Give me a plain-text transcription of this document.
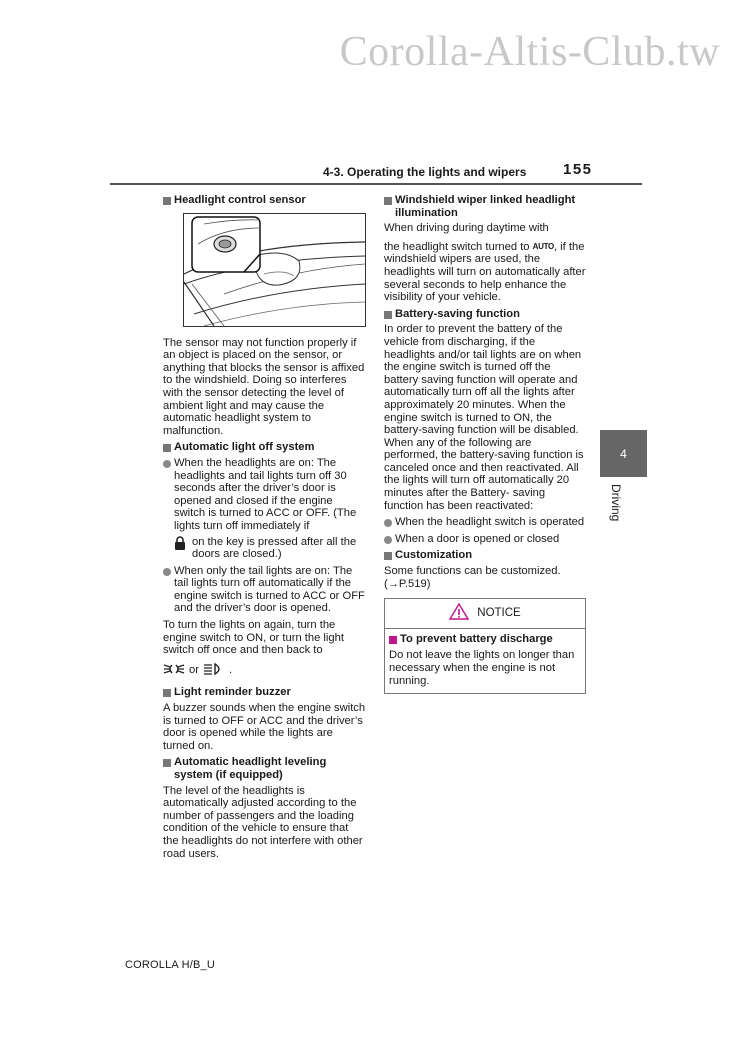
Corolla-Altis-Club.tw
4-3. Operating the lights and wipers 155
Headlight control sensor
The sensor may not function properly if an object is placed on the sensor, or anything that blocks the sensor is affixed to the windshield. Doing so interferes with the sensor detecting the level of ambient light and may cause the automatic headlight system to malfunction.
Automatic light off system
When the headlights are on: The headlights and tail lights turn off 30 seconds after the driver’s door is opened and closed if the engine switch is turned to ACC or OFF. (The lights turn off immediately if
on the key is pressed after all the doors are closed.)
When only the tail lights are on: The tail lights turn off automatically if the engine switch is turned to ACC or OFF and the driver’s door is opened.
To turn the lights on again, turn the engine switch to ON, or turn the light switch off once and then back to
or	.
Light reminder buzzer
A buzzer sounds when the engine switch is turned to OFF or ACC and the driver’s door is opened while the lights are turned on.
Automatic headlight leveling system (if equipped)
The level of the headlights is automatically adjusted according to the number of passengers and the loading condition of the vehicle to ensure that the headlights do not interfere with other road users.
Windshield wiper linked headlight illumination
When driving during daytime with
the headlight switch turned to AUTO, if the windshield wipers are used, the headlights will turn on automatically after several seconds to help enhance the visibility of your vehicle.
Battery-saving function
In order to prevent the battery of the vehicle from discharging, if the headlights and/or tail lights are on when the engine switch is turned off the battery saving function will operate and automatically turn off all the lights after approximately 20 minutes. When the engine switch is turned to ON, the battery-saving function will be disabled.
When any of the following are performed, the battery-saving function is canceled once and then reactivated. All the lights will turn off automatically 20 minutes after the Battery- saving function has been reactivated:
When the headlight switch is operated
When a door is opened or closed
Customization
Some functions can be customized. (→P.519)
NOTICE
To prevent battery discharge
Do not leave the lights on longer than necessary when the engine is not running.
4
Driving
COROLLA H/B_U
